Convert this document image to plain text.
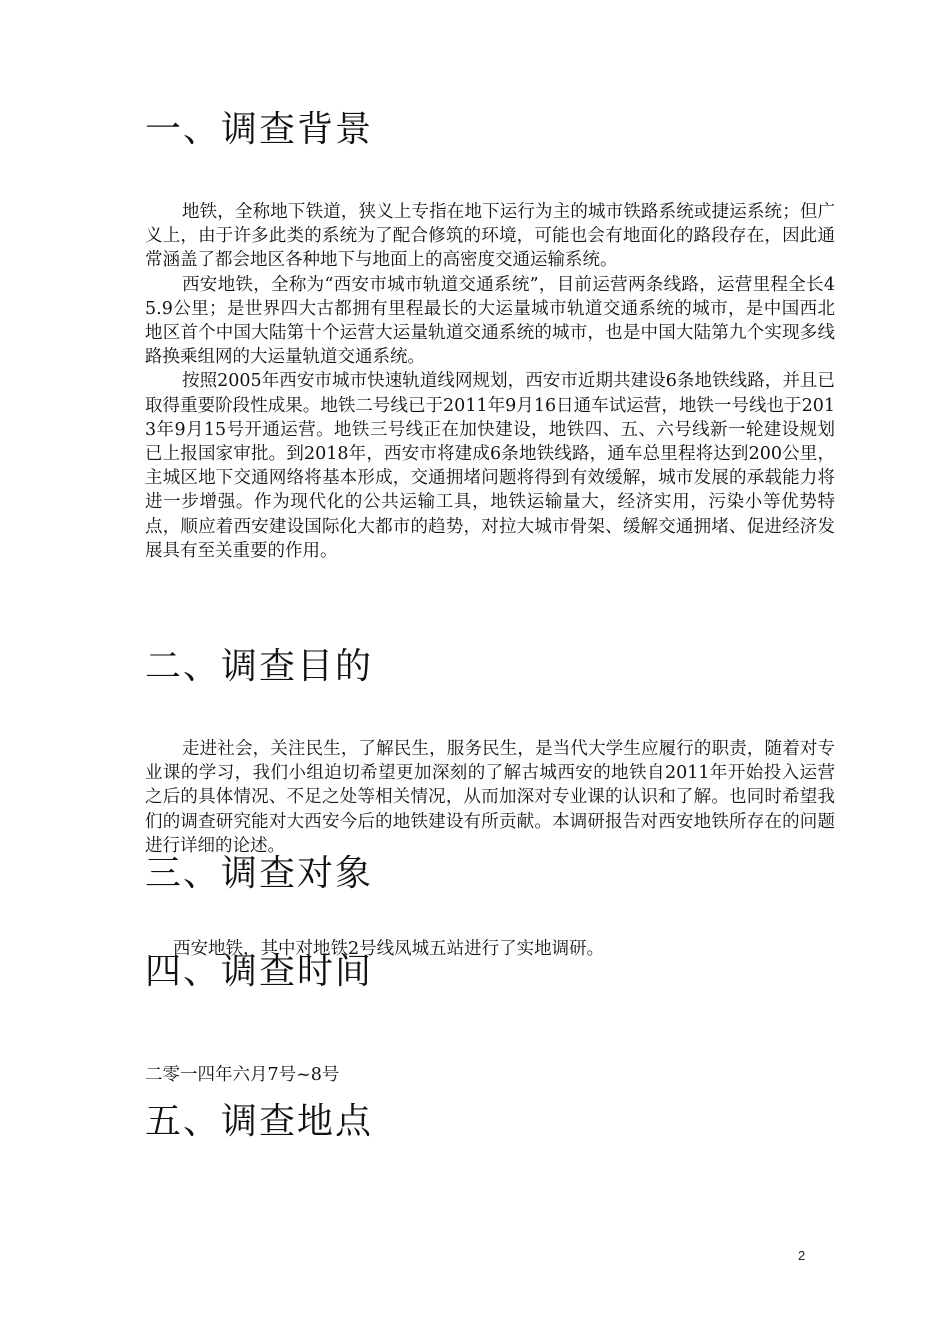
一、调查背景

地铁，全称地下铁道，狭义上专指在地下运行为主的城市铁路系统或捷运系统；但广义上，由于许多此类的系统为了配合修筑的环境，可能也会有地面化的路段存在，因此通常涵盖了都会地区各种地下与地面上的高密度交通运输系统。

西安地铁，全称为“西安市城市轨道交通系统”，目前运营两条线路，运营里程全长45.9公里；是世界四大古都拥有里程最长的大运量城市轨道交通系统的城市，是中国西北地区首个中国大陆第十个运营大运量轨道交通系统的城市，也是中国大陆第九个实现多线路换乘组网的大运量轨道交通系统。

按照2005年西安市城市快速轨道线网规划，西安市近期共建设6条地铁线路，并且已取得重要阶段性成果。地铁二号线已于2011年9月16日通车试运营，地铁一号线也于2013年9月15号开通运营。地铁三号线正在加快建设，地铁四、五、六号线新一轮建设规划已上报国家审批。到2018年，西安市将建成6条地铁线路，通车总里程将达到200公里，主城区地下交通网络将基本形成，交通拥堵问题将得到有效缓解，城市发展的承载能力将进一步增强。作为现代化的公共运输工具，地铁运输量大，经济实用，污染小等优势特点，顺应着西安建设国际化大都市的趋势，对拉大城市骨架、缓解交通拥堵、促进经济发展具有至关重要的作用。

二、调查目的

走进社会，关注民生，了解民生，服务民生，是当代大学生应履行的职责，随着对专业课的学习，我们小组迫切希望更加深刻的了解古城西安的地铁自2011年开始投入运营之后的具体情况、不足之处等相关情况，从而加深对专业课的认识和了解。也同时希望我们的调查研究能对大西安今后的地铁建设有所贡献。本调研报告对西安地铁所存在的问题进行详细的论述。

三、调查对象

西安地铁，其中对地铁2号线凤城五站进行了实地调研。

四、调查时间

二零一四年六月7号~8号

五、调查地点
2
